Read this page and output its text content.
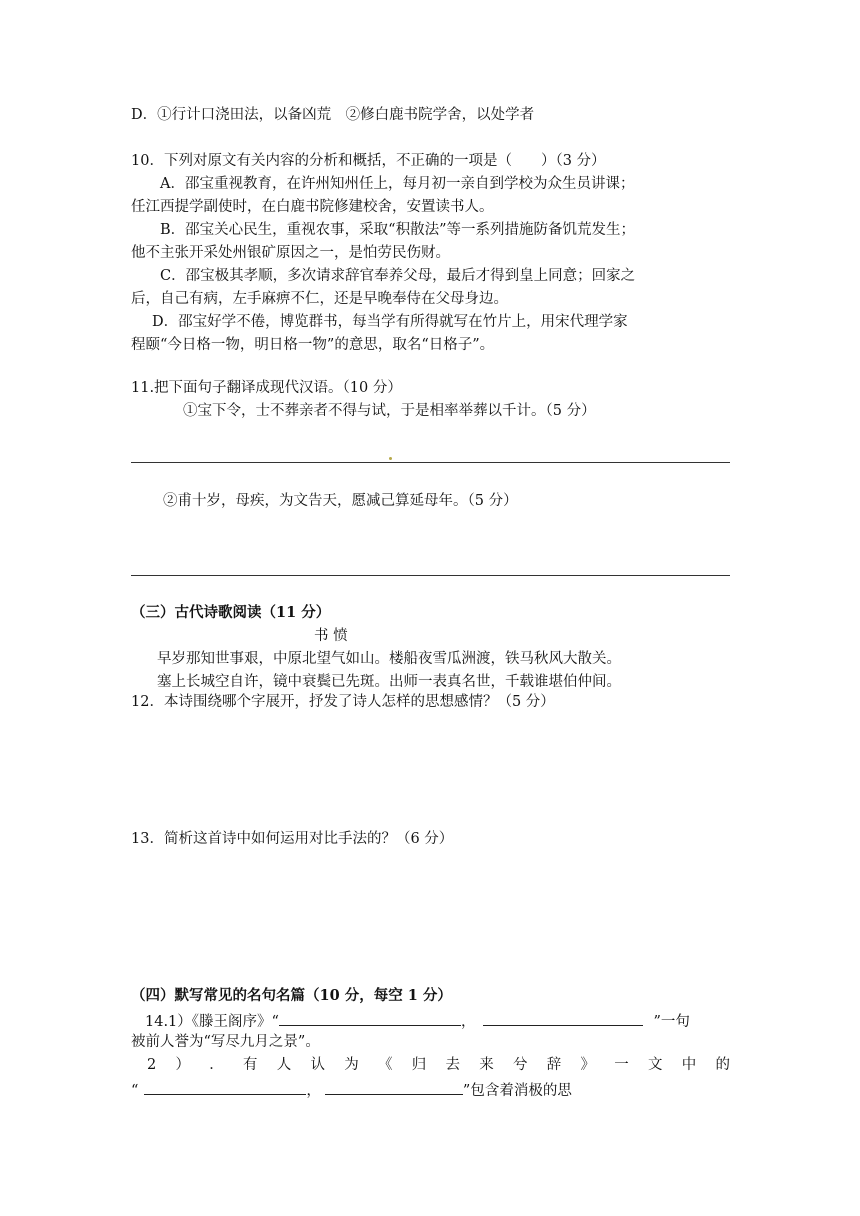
D．①行计口浇田法，以备凶荒　②修白鹿书院学舍，以处学者
10．下列对原文有关内容的分析和概括，不正确的一项是（　　）（3 分）
A．邵宝重视教育，在许州知州任上，每月初一亲自到学校为众生员讲课；
任江西提学副使时，在白鹿书院修建校舍，安置读书人。
B．邵宝关心民生，重视农事，采取“积散法”等一系列措施防备饥荒发生；
他不主张开采处州银矿原因之一，是怕劳民伤财。
C．邵宝极其孝顺，多次请求辞官奉养父母，最后才得到皇上同意；回家之
后，自己有病，左手麻痹不仁，还是早晚奉侍在父母身边。
D．邵宝好学不倦，博览群书，每当学有所得就写在竹片上，用宋代理学家
程颐“今日格一物，明日格一物”的意思，取名“日格子”。
11.把下面句子翻译成现代汉语。（10 分）
①宝下令，士不葬亲者不得与试，于是相率举葬以千计。（5 分）
②甫十岁，母疾，为文告天，愿减己算延母年。（5 分）
（三）古代诗歌阅读（11 分）
书 愤
早岁那知世事艰，中原北望气如山。楼船夜雪瓜洲渡，铁马秋风大散关。
塞上长城空自许，镜中衰鬓已先斑。出师一表真名世，千载谁堪伯仲间。
12．本诗围绕哪个字展开，抒发了诗人怎样的思想感情？（5 分）
13．简析这首诗中如何运用对比手法的？（6 分）
（四）默写常见的名句名篇（10 分，每空 1 分）
14.1）《滕王阁序》“	，	”一句
被前人誉为“写尽九月之景”。
2 ） ． 有 人 认 为 《 归 去 来 兮 辞 》 一 文 中 的
“	，	”包含着消极的思
